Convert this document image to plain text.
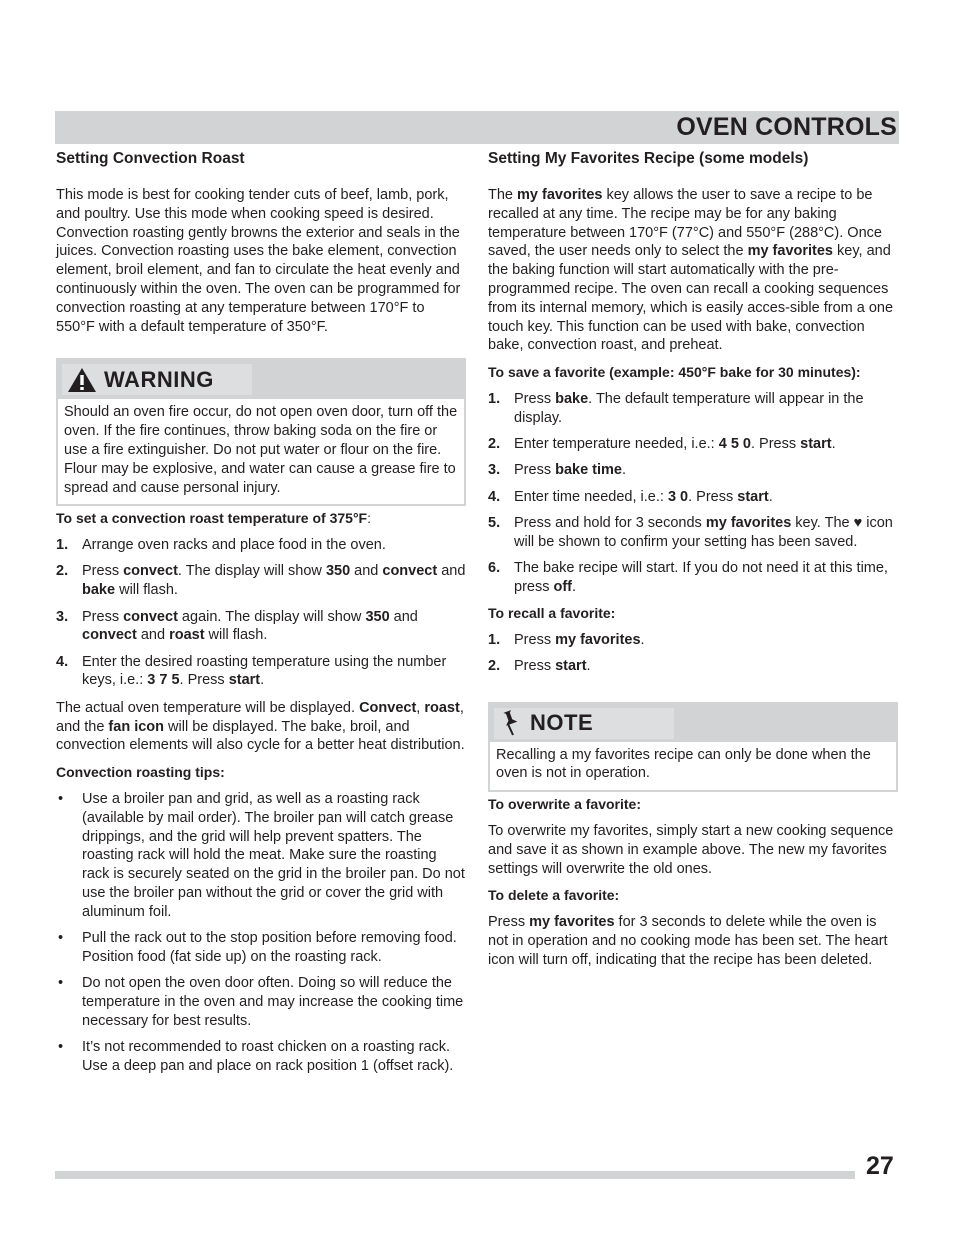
OVEN CONTROLS
Setting Convection Roast

This mode is best for cooking tender cuts of beef, lamb, pork, and poultry. Use this mode when cooking speed is desired. Convection roasting gently browns the exterior and seals in the juices. Convection roasting uses the bake element, convection element, broil element, and fan to circulate the heat evenly and continuously within the oven. The oven can be programmed for convection roasting at any temperature between 170°F to 550°F with a default temperature of 350°F.

WARNING

Should an oven fire occur, do not open oven door, turn off the oven. If the fire continues, throw baking soda on the fire or use a fire extinguisher. Do not put water or flour on the fire. Flour may be explosive, and water can cause a grease fire to spread and cause personal injury.

To set a convection roast temperature of 375°F:
1. Arrange oven racks and place food in the oven.
2. Press convect. The display will show 350 and convect and bake will flash.
3. Press convect again. The display will show 350 and convect and roast will flash.
4. Enter the desired roasting temperature using the number keys, i.e.: 3 7 5. Press start.

The actual oven temperature will be displayed. Convect, roast, and the fan icon will be displayed. The bake, broil, and convection elements will also cycle for a better heat distribution.

Convection roasting tips:
• Use a broiler pan and grid, as well as a roasting rack (available by mail order). The broiler pan will catch grease drippings, and the grid will help prevent spatters. The roasting rack will hold the meat. Make sure the roasting rack is securely seated on the grid in the broiler pan. Do not use the broiler pan without the grid or cover the grid with aluminum foil.
• Pull the rack out to the stop position before removing food. Position food (fat side up) on the roasting rack.
• Do not open the oven door often. Doing so will reduce the temperature in the oven and may increase the cooking time necessary for best results.
• It’s not recommended to roast chicken on a roasting rack. Use a deep pan and place on rack position 1 (offset rack).
Setting My Favorites Recipe (some models)

The my favorites key allows the user to save a recipe to be recalled at any time. The recipe may be for any baking temperature between 170°F (77°C) and 550°F (288°C). Once saved, the user needs only to select the my favorites key, and the baking function will start automatically with the pre-programmed recipe. The oven can recall a cooking sequences from its internal memory, which is easily acces-sible from a one touch key. This function can be used with bake, convection bake, convection roast, and preheat.

To save a favorite (example: 450°F bake for 30 minutes):
1. Press bake. The default temperature will appear in the display.
2. Enter temperature needed, i.e.: 4 5 0. Press start.
3. Press bake time.
4. Enter time needed, i.e.: 3 0. Press start.
5. Press and hold for 3 seconds my favorites key. The ♥ icon will be shown to confirm your setting has been saved.
6. The bake recipe will start. If you do not need it at this time, press off.
To recall a favorite:
1. Press my favorites.
2. Press start.
NOTE

Recalling a my favorites recipe can only be done when the oven is not in operation.

To overwrite a favorite:

To overwrite my favorites, simply start a new cooking sequence and save it as shown in example above. The new my favorites settings will overwrite the old ones.

To delete a favorite:

Press my favorites for 3 seconds to delete while the oven is not in operation and no cooking mode has been set. The heart icon will turn off, indicating that the recipe has been deleted.

27
